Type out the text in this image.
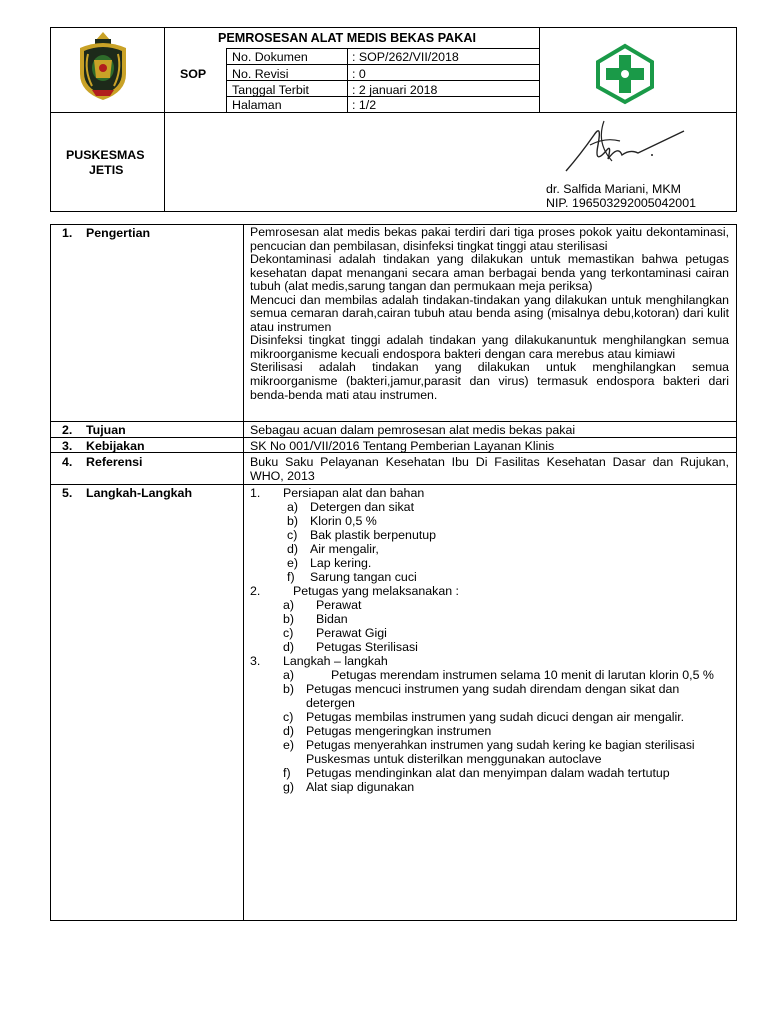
PEMROSESAN ALAT MEDIS BEKAS PAKAI
SOP
No. Dokumen	: SOP/262/VII/2018
No. Revisi	: 0
Tanggal Terbit	: 2 januari 2018
Halaman	: 1/2
PUSKESMAS
JETIS
dr. Salfida Mariani, MKM
NIP. 196503292005042001
1. Pengertian	Pemrosesan alat medis bekas pakai terdiri dari tiga proses pokok yaitu dekontaminasi, pencucian dan pembilasan, disinfeksi tingkat tinggi atau sterilisasi
Dekontaminasi adalah tindakan yang dilakukan untuk memastikan bahwa petugas kesehatan dapat menangani secara aman berbagai benda yang terkontaminasi cairan tubuh (alat medis,sarung tangan dan permukaan meja periksa)
Mencuci dan membilas adalah tindakan-tindakan yang dilakukan untuk menghilangkan semua cemaran darah,cairan tubuh atau benda asing (misalnya debu,kotoran) dari kulit atau instrumen
Disinfeksi tingkat tinggi adalah tindakan yang dilakukanuntuk menghilangkan semua mikroorganisme kecuali endospora bakteri dengan cara merebus atau kimiawi
Sterilisasi adalah tindakan yang dilakukan untuk menghilangkan semua mikroorganisme (bakteri,jamur,parasit dan virus) termasuk endospora bakteri dari benda-benda mati atau instrumen.
2. Tujuan	Sebagau acuan dalam pemrosesan alat medis bekas pakai
3. Kebijakan	SK No 001/VII/2016 Tentang Pemberian Layanan Klinis
4. Referensi	Buku Saku Pelayanan Kesehatan Ibu Di Fasilitas Kesehatan Dasar dan Rujukan, WHO, 2013
5. Langkah-Langkah	1. Persiapan alat dan bahan
a) Detergen dan sikat
b) Klorin 0,5 %
c) Bak plastik berpenutup
d) Air mengalir,
e) Lap kering.
f) Sarung tangan cuci
2.	Petugas yang melaksanakan :
a) Perawat
b) Bidan
c) Perawat Gigi
d) Petugas Sterilisasi
3. Langkah – langkah
a)	Petugas merendam instrumen selama 10 menit di larutan klorin 0,5 %
b) Petugas mencuci instrumen yang sudah direndam dengan sikat dan
detergen
c) Petugas membilas instrumen yang sudah dicuci dengan air mengalir.
d) Petugas mengeringkan instrumen
e) Petugas menyerahkan instrumen yang sudah kering ke bagian sterilisasi
Puskesmas untuk disterilkan menggunakan autoclave
f) Petugas mendinginkan alat dan menyimpan dalam wadah tertutup
g) Alat siap digunakan
